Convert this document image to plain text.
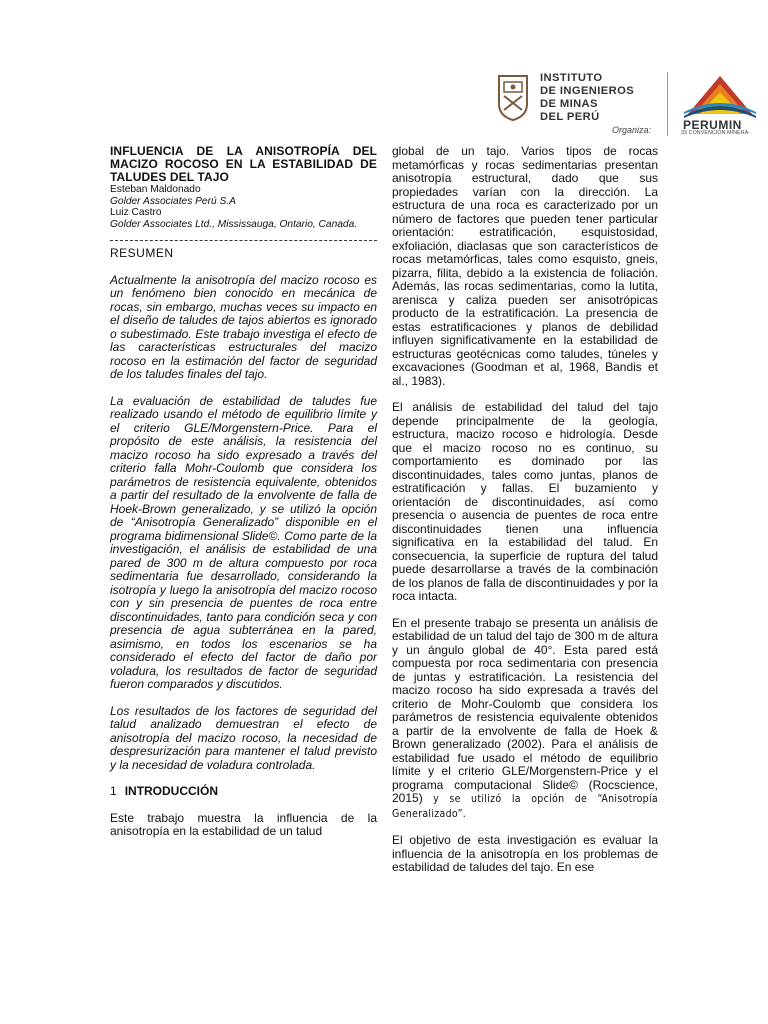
INSTITUTO
DE INGENIEROS
DE MINAS
DEL PERÚ
Organiza:	PERUMIN
33 CONVENCIÓN MINERA

INFLUENCIA DE LA ANISOTROPÍA DEL MACIZO ROCOSO EN LA ESTABILIDAD DE TALUDES DEL TAJO

Esteban Maldonado

Golder Associates Perú S.A

Luiz Castro

Golder Associates Ltd., Mississauga, Ontario, Canada.

RESUMEN

Actualmente la anisotropía del macizo rocoso es un fenómeno bien conocido en mecánica de rocas, sin embargo, muchas veces su impacto en el diseño de taludes de tajos abiertos es ignorado o subestimado. Este trabajo investiga el efecto de las características estructurales del macizo rocoso en la estimación del factor de seguridad de los taludes finales del tajo.

La evaluación de estabilidad de taludes fue realizado usando el método de equilibrio límite y el criterio GLE/Morgenstern-Price. Para el propósito de este análisis, la resistencia del macizo rocoso ha sido expresado a través del criterio falla Mohr-Coulomb que considera los parámetros de resistencia equivalente, obtenidos a partir del resultado de la envolvente de falla de Hoek-Brown generalizado, y se utilizó la opción de “Anisotropía Generalizado” disponible en el programa bidimensional Slide©. Como parte de la investigación, el análisis de estabilidad de una pared de 300 m de altura compuesto por roca sedimentaria fue desarrollado, considerando la isotropía y luego la anisotropía del macizo rocoso con y sin presencia de puentes de roca entre discontinuidades, tanto para condición seca y con presencia de agua subterránea en la pared, asimismo, en todos los escenarios se ha considerado el efecto del factor de daño por voladura, los resultados de factor de seguridad fueron comparados y discutidos.

Los resultados de los factores de seguridad del talud analizado demuestran el efecto de anisotropía del macizo rocoso, la necesidad de despresurización para mantener el talud previsto y la necesidad de voladura controlada.

1 INTRODUCCIÓN

Este trabajo muestra la influencia de la anisotropía en la estabilidad de un talud

global de un tajo. Varios tipos de rocas metamórficas y rocas sedimentarias presentan anisotropía estructural, dado que sus propiedades varían con la dirección. La estructura de una roca es caracterizado por un número de factores que pueden tener particular orientación: estratificación, esquistosidad, exfoliación, diaclasas que son característicos de rocas metamórficas, tales como esquisto, gneis, pizarra, filita, debido a la existencia de foliación. Además, las rocas sedimentarias, como la lutita, arenisca y caliza pueden ser anisotrópicas producto de la estratificación. La presencia de estas estratificaciones y planos de debilidad influyen significativamente en la estabilidad de estructuras geotécnicas como taludes, túneles y excavaciones (Goodman et al, 1968, Bandis et al., 1983).

El análisis de estabilidad del talud del tajo depende principalmente de la geología, estructura, macizo rocoso e hidrología. Desde que el macizo rocoso no es continuo, su comportamiento es dominado por las discontinuidades, tales como juntas, planos de estratificación y fallas. El buzamiento y orientación de discontinuidades, así como presencia o ausencia de puentes de roca entre discontinuidades tienen una influencia significativa en la estabilidad del talud. En consecuencia, la superficie de ruptura del talud puede desarrollarse a través de la combinación de los planos de falla de discontinuidades y por la roca intacta.

En el presente trabajo se presenta un análisis de estabilidad de un talud del tajo de 300 m de altura y un ángulo global de 40°. Esta pared está compuesta por roca sedimentaria con presencia de juntas y estratificación. La resistencia del macizo rocoso ha sido expresada a través del criterio de Mohr-Coulomb que considera los parámetros de resistencia equivalente obtenidos a partir de la envolvente de falla de Hoek & Brown generalizado (2002). Para el análisis de estabilidad fue usado el método de equilibrio límite y el criterio GLE/Morgenstern-Price y el programa computacional Slide© (Rocscience, 2015) y se utilizó la opción de “Anisotropía Generalizado”.

El objetivo de esta investigación es evaluar la influencia de la anisotropía en los problemas de estabilidad de taludes del tajo. En ese
